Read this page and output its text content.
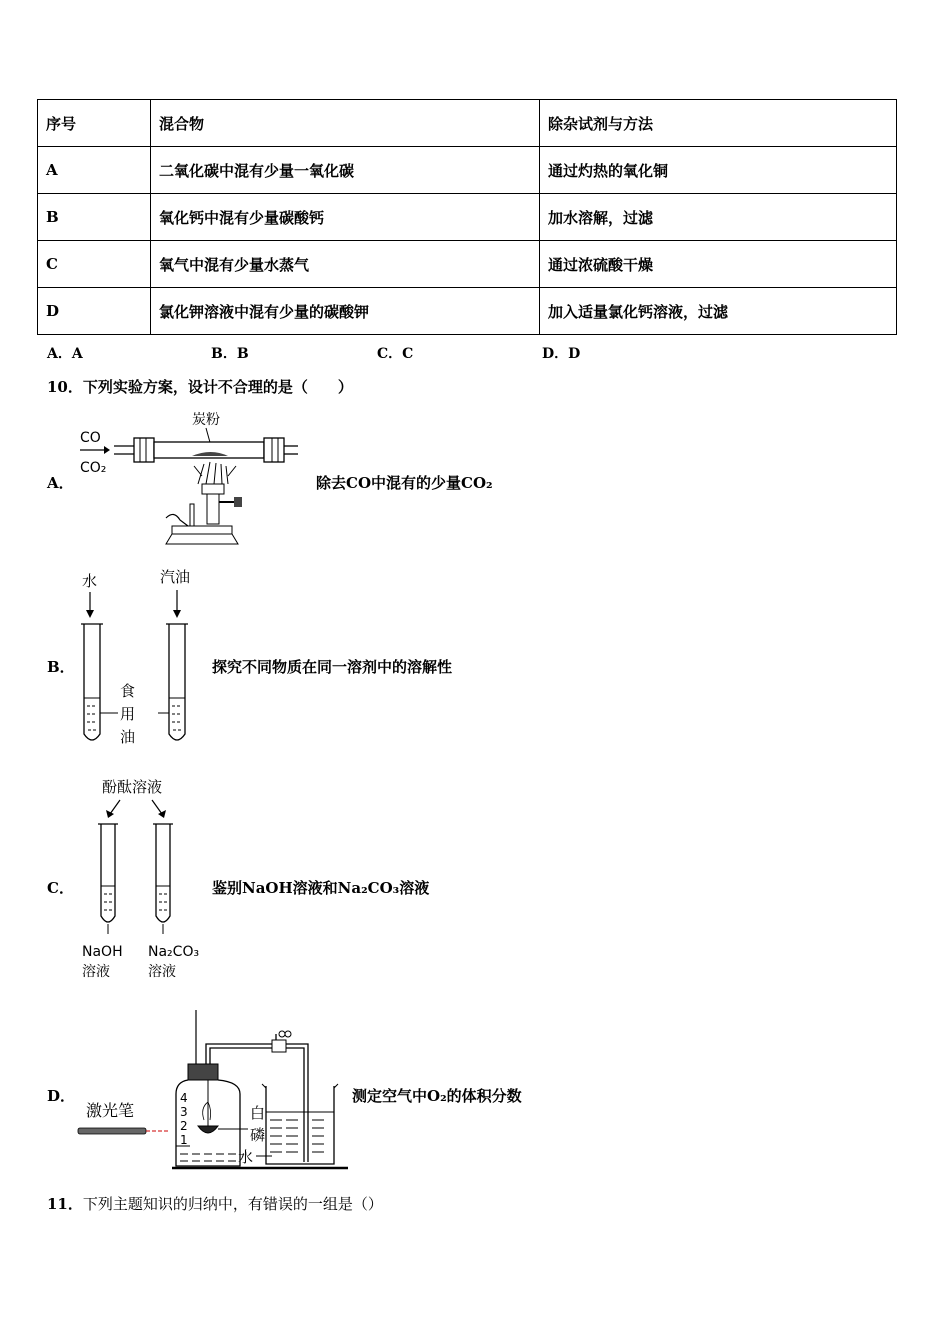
序号	混合物	除杂试剂与方法
A	二氧化碳中混有少量一氧化碳	通过灼热的氧化铜
B	氧化钙中混有少量碳酸钙	加水溶解，过滤
C	氧气中混有少量水蒸气	通过浓硫酸干燥
D	氯化钾溶液中混有少量的碳酸钾	加入适量氯化钙溶液，过滤
A．A	B．B	C．C	D．D
10．下列实验方案，设计不合理的是（　　）
A．
CO
CO₂
炭粉
除去CO中混有的少量CO₂
B．
水	汽油
食
用
油
探究不同物质在同一溶剂中的溶解性
C．
酚酞溶液
NaOH
溶液
Na₂CO₃
溶液
鉴别NaOH溶液和Na₂CO₃溶液
D．	4
3
2
1
白
磷
水
激光笔
测定空气中O₂的体积分数
11．下列主题知识的归纳中，有错误的一组是（）
